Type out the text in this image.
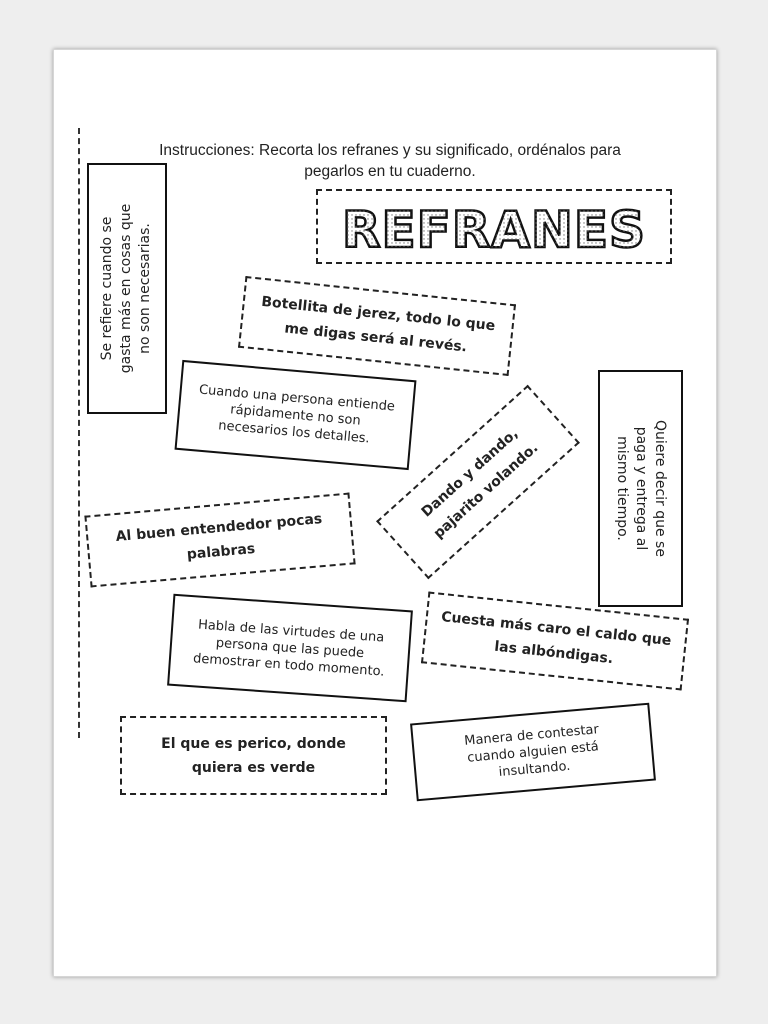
Instrucciones: Recorta los refranes y su significado, ordénalos para
pegarlos en tu cuaderno.
REFRANES
Se refiere cuando se gasta más en cosas que no son necesarias.	Botellita de jerez, todo lo que me digas será al revés.
Cuando una persona entiende rápidamente no son necesarios los detalles.	Dando y dando, pajarito volando.	Quiere decir que se
paga y entrega al
mismo tiempo.
Al buen entendedor pocas palabras
Habla de las virtudes de una persona que las puede demostrar en todo momento.
Cuesta más caro el caldo que las albóndigas.
El que es perico, donde quiera es verde
Manera de contestar cuando alguien está insultando.
